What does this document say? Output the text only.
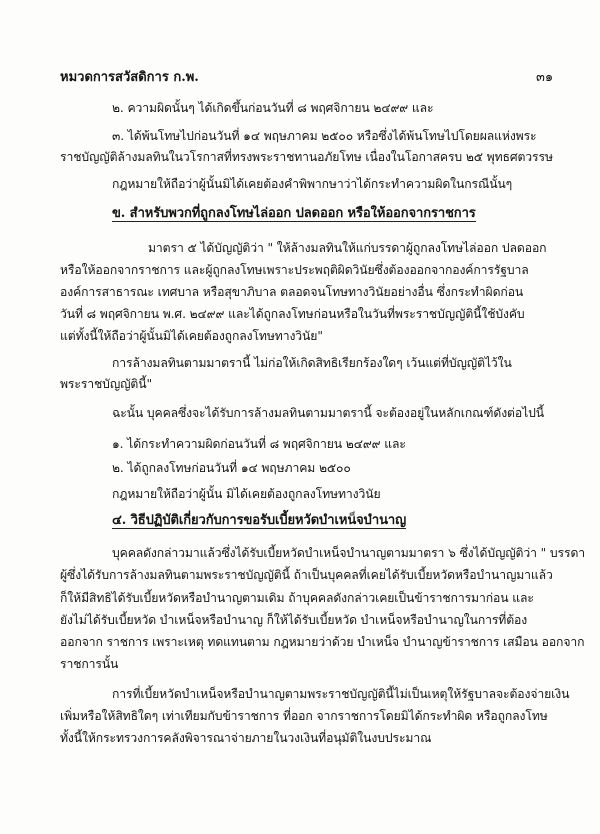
หมวดการสวัสดิการ ก.พ.	๓๑
๒. ความผิดนั้นๆ ได้เกิดขึ้นก่อนวันที่ ๘ พฤศจิกายน ๒๔๙๙ และ
๓. ได้พ้นโทษไปก่อนวันที่ ๑๔ พฤษภาคม ๒๕๐๐ หรือซึ่งได้พ้นโทษไปโดยผลแห่งพระ
ราชบัญญัติล้างมลทินในวโรกาสที่ทรงพระราชทานอภัยโทษ เนื่องในโอกาสครบ ๒๕ พุทธศตวรรษ
กฎหมายให้ถือว่าผู้นั้นมิได้เคยต้องคำพิพากษาว่าได้กระทำความผิดในกรณีนั้นๆ
ข. สำหรับพวกที่ถูกลงโทษไล่ออก ปลดออก หรือให้ออกจากราชการ
มาตรา ๕ ได้บัญญัติว่า " ให้ล้างมลทินให้แก่บรรดาผู้ถูกลงโทษไล่ออก ปลดออก
หรือให้ออกจากราชการ และผู้ถูกลงโทษเพราะประพฤติผิดวินัยซึ่งต้องออกจากองค์การรัฐบาล
องค์การสาธารณะ เทศบาล หรือสุขาภิบาล ตลอดจนโทษทางวินัยอย่างอื่น ซึ่งกระทำผิดก่อน
วันที่ ๘ พฤศจิกายน พ.ศ. ๒๔๙๙ และได้ถูกลงโทษก่อนหรือในวันที่พระราชบัญญัตินี้ใช้บังคับ
แต่ทั้งนี้ให้ถือว่าผู้นั้นมิได้เคยต้องถูกลงโทษทางวินัย"
การล้างมลทินตามมาตรานี้ ไม่ก่อให้เกิดสิทธิเรียกร้องใดๆ เว้นแต่ที่บัญญัติไว้ใน
พระราชบัญญัตินี้"
ฉะนั้น บุคคลซึ่งจะได้รับการล้างมลทินตามมาตรานี้ จะต้องอยู่ในหลักเกณฑ์ดังต่อไปนี้
๑. ได้กระทำความผิดก่อนวันที่ ๘ พฤศจิกายน ๒๔๙๙ และ
๒. ได้ถูกลงโทษก่อนวันที่ ๑๔ พฤษภาคม ๒๕๐๐
กฎหมายให้ถือว่าผู้นั้น มิได้เคยต้องถูกลงโทษทางวินัย
๔. วิธีปฏิบัติเกี่ยวกับการขอรับเบี้ยหวัดบำเหน็จบำนาญ
บุคคลดังกล่าวมาแล้วซึ่งได้รับเบี้ยหวัดบำเหน็จบำนาญตามมาตรา ๖ ซึ่งได้บัญญัติว่า " บรรดา
ผู้ซึ่งได้รับการล้างมลทินตามพระราชบัญญัตินี้ ถ้าเป็นบุคคลที่เคยได้รับเบี้ยหวัดหรือบำนาญมาแล้ว
ก็ให้มีสิทธิได้รับเบี้ยหวัดหรือบำนาญตามเดิม ถ้าบุคคลดังกล่าวเคยเป็นข้าราชการมาก่อน และ
ยังไม่ได้รับเบี้ยหวัด บำเหน็จหรือบำนาญ ก็ให้ได้รับเบี้ยหวัด บำเหน็จหรือบำนาญในการที่ต้อง
ออกจาก ราชการ เพราะเหตุ ทดแทนตาม กฎหมายว่าด้วย บำเหน็จ บำนาญข้าราชการ เสมือน ออกจาก
ราชการนั้น
การที่เบี้ยหวัดบำเหน็จหรือบำนาญตามพระราชบัญญัตินี้ไม่เป็นเหตุให้รัฐบาลจะต้องจ่ายเงิน
เพิ่มหรือให้สิทธิใดๆ เท่าเทียมกับข้าราชการ ที่ออก จากราชการโดยมิได้กระทำผิด หรือถูกลงโทษ
ทั้งนี้ให้กระทรวงการคลังพิจารณาจ่ายภายในวงเงินที่อนุมัติในงบประมาณ
